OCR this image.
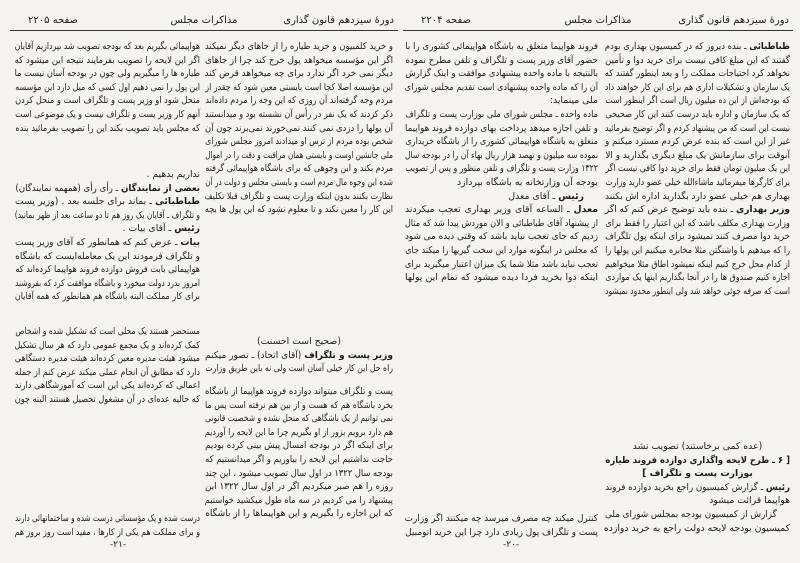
دورهٔ سیزدهم قانون گذاری
مذاکرات مجلس
صفحه ۲۲۰۵
و خرید کلمبیون و خرید طیاره را از جاهای دیگر نمیکند
اگر این مؤسسه میخواهد پول خرج کند چرا از جاهای
دیگر نمی خرد اگر ندارد برای چه میخواهد قرض کند
این مؤسسه اصلا کجا است بایستی معین شود که چقدر از
مردم وجه گرفته‌اند آن روزی که این وجه را مردم داده‌اند
ذکر کردند که یک نفر در رأس آن نشسته بود و میدانستند
آن پولها را دزدی نمی کنند نمی‌خورند نمی‌برند چون آن
شخص بوده مردم از ترس او میدادند امروز مجلس شورای
ملی جانشین اوست و بایستی همان مراقبت و دقت را در اموال
مردم بکند و این وجوهی که برای باشگاه هواپیمائی گرفته
شده این وجوه مال مردم است و بایستی مجلس و دولت در آن
نظارت بکنند بدون اینکه وزارت پست و تلگراف قبلا تکلیف
این کار را معین نکند و تا معلوم نشود که این پول ها بچه
(صحیح است احسنت)
وزیر پست و تلگراف (آقای اتحاد) ـ تصور میکنم
راه حل این کار خیلی آسان است ولی نه باین طریق وزارت
پست و تلگراف میتواند دوازده فروند هواپیما از باشگاه
بخرد باشگاه هم که هست و از بین هم نرفته است پس ما
نمی توانیم از یک باشگاهی که منحل نشده و شخصیت قانونی
هم دارد برویم بزور از او بگیریم چرا ما این لایحه را آوردیم
برای اینکه اگر در بودجه امسال پیش بینی کرده بودیم
حاجت نداشتیم این لایحه را بیاوریم و اگر میدانستیم که
بودجه سال ۱۳۲۲ در اول سال تصویب میشود ، این چند
روزه را هم صبر میکردیم اگر در اول سال ۱۳۲۲ این
پیشنهاد را می کردیم در سه ماه طول میکشید خواستیم
که این اجازه را بگیریم و این هواپیماها را از باشگاه
هواپیمائی بگیریم بعد که بودجه تصویب شد بپردازیم آقایان
اگر این لایحه را تصویب بفرمایند نتیجه این میشود که
طیاره ها را میگیریم ولی چون در بودجه آسان نیست ما
این پول را نمی دهیم اول کسی که میل دارد این مؤسسه
منحل شود او وزیر پست و تلگراف است و منحل کردن
آنهم کار وزیر پست و تلگراف نیست و یک موضوعی است
که مجلس باید تصویب بکند این را تصویب بفرمائید بنده
نداریم بدهیم .
بعضی از نمایندگان ـ رأی رأی (همهمه نمایندگان)
طباطبائی ـ بماند برای جلسه بعد . (وزیر پست
و تلگراف ـ آقایان یک روز هم تا دو ساعت بعد از ظهر بمانید)
رئیس ـ آقای بیات .
بیات ـ عرض کنم که همانطور که آقای وزیر پست
و تلگراف فرمودند این یک معامله‌ایست که باشگاه
هواپیمائی بابت فروش دوازده فروند هواپیما کرده‌اند که
امروز بدرد دولت میخورد و باشگاه موافقت کرد که بفروشند
برای کار مملکت البته باشگاه هم همانطور که همه آقایان
مستحضر هستند یک محلی است که تشکیل شده و اشخاص
کمک کرده‌اند و یک مجمع عمومی دارد که هر سال تشکیل
میشود هیئت مدیره معین کرده‌اند هیئت مدیره دستگاهی
دارد که مطابق آن انجام عملی میکند عرض کنم از جمله
اعمالی که کرده‌اند یکی این است که آموزشگاهی دارند
که حالیه عده‌ای در آن مشغول تحصیل هستند البته چون
درست شده و یک مؤسساتی درست شده و ساختمانهائی دارند
و برای مملکت هم یکی از کارها ، مفید است روز بروز هم
-۲۱-
دورهٔ سیزدهم قانون گذاری
مذاکرات مجلس
صفحه ۲۲۰۴
طباطبائی ـ بنده دیروز که در کمیسیون بهداری بودم
گفتند که این مبلغ کافی نیست برای خرید دوا و تأمین
نخواهد کرد احتیاجات مملکت را و بعد اینطور گفتند که
یک سازمان و تشکیلات اداری هم برای این کار خواهند داد
که بودجه‌اش از این ده میلیون ریال است اگر اینطور است
که یک سازمان و اداره باید درست کنند این کار صحیحی
نیست این است که من پیشنهاد کردم و اگر توضیح بفرمائید
غیر از این است که بنده عرض کردم مسترد میکنم و
آنوقت برای سازمانش یک مبلغ دیگری بگذارید و الا
این یک میلیون تومان فقط برای خرید دوا کافی نیست اگر
برای کارگرها میفرمائید ماشاءالله خیلی عضو دارید وزارت
بهداری هم خیلی عضو دارد بگذارید اداره اش بکنند
وزیر بهداری ـ بنده باید توضیح عرض کنم که اگر
وزارت بهداری مکلف باشد که این اعتبار را فقط برای
خرید دوا مصرف کنند نمیشود برای اینکه پول تلگراف
را که میدهیم با واشنگتن مثلا مخابره میکنیم این پولها را
از کدام محل خرج کنیم اینکه نمیشود اطاق مثلا میخواهیم
اجاره کنیم صندوق ها را در آنجا بگذاریم اینها یک مواردی
است که صرفه جوئی خواهد شد ولی اینطور محدود نمیشود
(عده کمی برخاستند) تصویب نشد
[ ۶ ـ طرح لایحه واگذاری دوازده فروند طیاره
بوزارت پست و تلگراف ]
رئیس ـ گزارش کمیسیون راجع بخرید دوازده فروند
هواپیما قرائت میشود
گزارش از کمیسیون بودجه بمجلس شورای ملی
کمیسیون بودجه لایحه دولت راجع به خرید دوازده
فروند هواپیما متعلق به باشگاه هواپیمائی کشوری را با
حضور آقای وزیر پست و تلگراف و تلفن مطرح نموده
بالنتیجه با ماده واحده پیشنهادی موافقت و اینک گزارش
آن را که ماده واحده پیشنهادی است تقدیم مجلس شورای
ملی مینماید:
ماده واحده ـ مجلس شورای ملی بوزارت پست و تلگراف
و تلفن اجازه میدهد پرداخت بهای دوازده فروند هواپیما
متعلق به باشگاه هواپیمائی کشوری را از باشگاه خریداری
نموده سه میلیون و نهصد هزار ریال بهاء آن را در بودجه سال
۱۳۲۲ وزارت پست و تلگراف و تلفن منظور و پس از تصویب
بودجه آن وزارتخانه به باشگاه بپردازد
رئیس ـ آقای معدل
معدل ـ الساعه آقای وزیر بهداری تعجب میکردند
از پیشنهاد آقای طباطبائی و الان موردش پیدا شد که مثال
زدیم که جای تعجب نباید باشد که وقتی دیده می شود
که مجلس در اینگونه موارد این سخت گیریها را میکند جای
تعجب نباید باشد مثلا شما یک میزان اعتبار میگیرید برای
اینکه دوا بخرید فردا دیده میشود که تمام این پولها
کنترل میکند چه مصرف میرسد چه میکنند اگر وزارت
پست و تلگراف پول زیادی دارد چرا این خرید اتومبیل
-۲۰-
